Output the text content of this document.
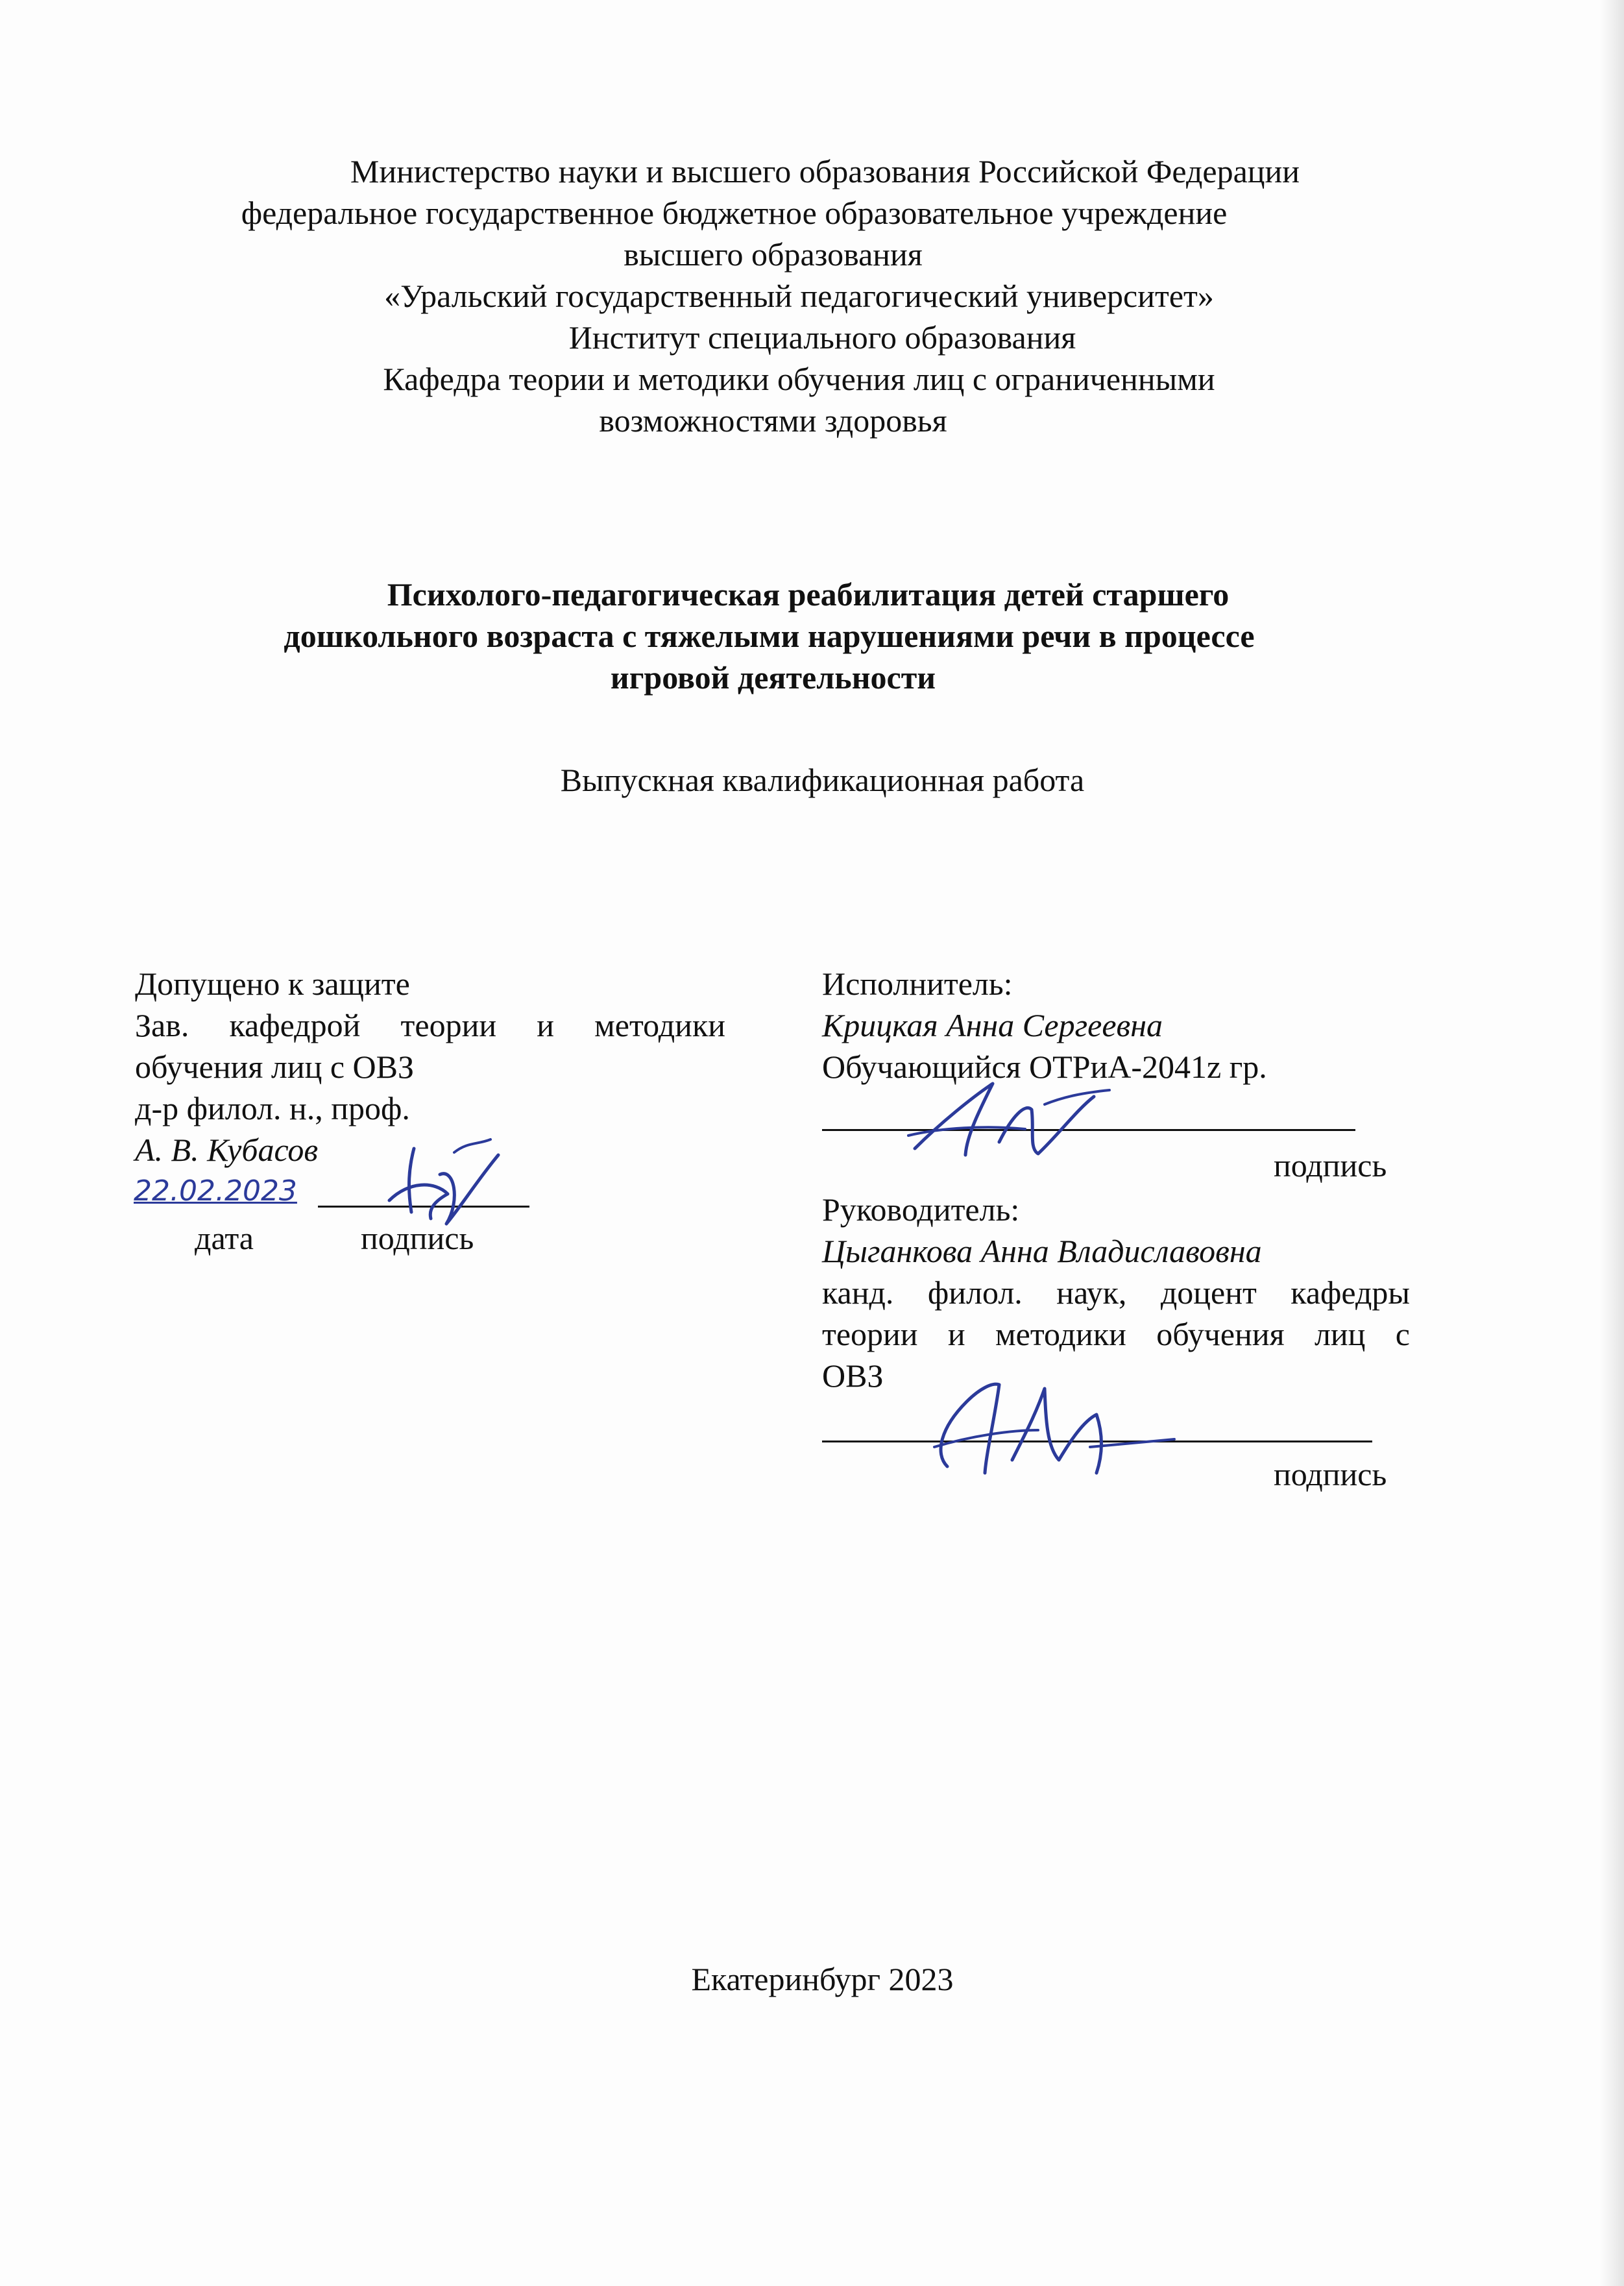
Министерство науки и высшего образования Российской Федерации
федеральное государственное бюджетное образовательное учреждение
высшего образования
«Уральский государственный педагогический университет»
Институт специального образования
Кафедра теории и методики обучения лиц с ограниченными
возможностями здоровья
Психолого-педагогическая реабилитация детей старшего
дошкольного возраста с тяжелыми нарушениями речи в процессе
игровой деятельности
Выпускная квалификационная работа
Допущено к защите
Зав. кафедрой теории и методики
обучения лиц с ОВЗ
д-р филол. н., проф.
А. В. Кубасов
22.02.2023
дата	подпись
Исполнитель:
Крицкая Анна Сергеевна
Обучающийся ОТРиА-2041z гр.
подпись
Руководитель:
Цыганкова Анна Владиславовна
канд. филол. наук, доцент кафедры
теории и методики обучения лиц с
ОВЗ
подпись
Екатеринбург 2023
